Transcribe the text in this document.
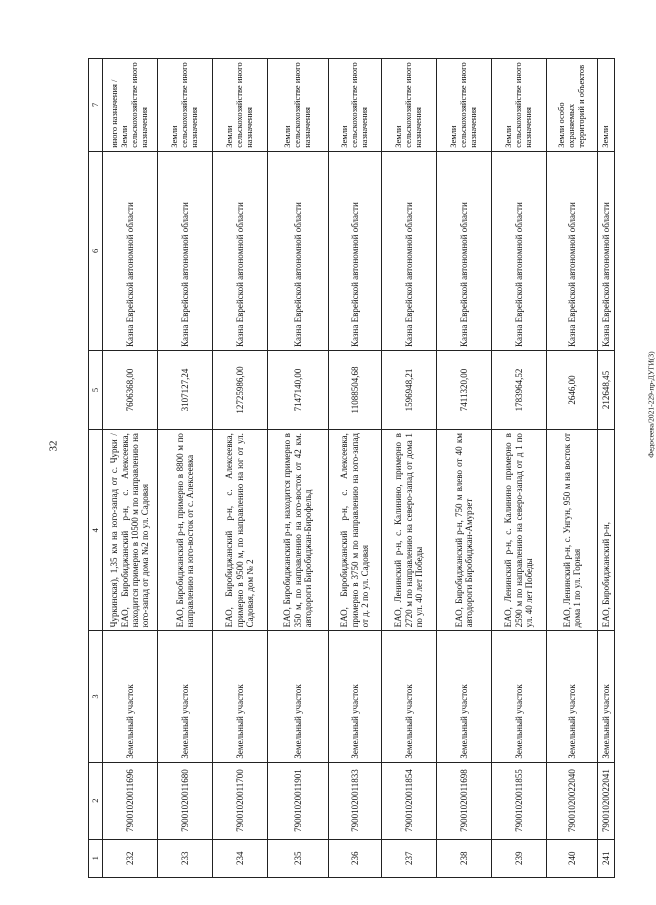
32	Федосеева/2021-229-пр-ДУГИ(3)
1	2	3	4	5	6	7
232	79001020011696	Земельный участок	Чуркинская), 1,35 км на юго-запад от с. Чурки / ЕАО, Биробиджанский р-н, с. Алексеевка, находится примерно в 10500 м по направлению на юго-запад от дома №2 по ул. Садовая	7606368,00	Казна Еврейской автономной области	иного назначения / Земли сельскохозяйстве иного назначения
233	79001020011680	Земельный участок	ЕАО, Биробиджанский р-н, примерно в 8800 м по направлению на юго-восток от с. Алексеевка	3107127,24	Казна Еврейской автономной области	Земли сельскохозяйстве иного назначения
234	79001020011700	Земельный участок	ЕАО, Биробиджанский р-н, с. Алексеевка, примерно в 9500 м, по направлению на юг от ул. Садовая, дом № 2	12725986,00	Казна Еврейской автономной области	Земли сельскохозяйстве иного назначения
235	79001020011901	Земельный участок	ЕАО, Биробиджанский р-н, находится примерно в 350 м, по направлению на юго-восток от 42 км. автодороги Биробиджан-Бирофельд	7147140,00	Казна Еврейской автономной области	Земли сельскохозяйстве иного назначения
236	79001020011833	Земельный участок	ЕАО, Биробиджанский р-н, с. Алексеевка, примерно в 3750 м по направлению на юго-запад от д. 2 по ул. Садовая	11088504,68	Казна Еврейской автономной области	Земли сельскохозяйстве иного назначения
237	79001020011854	Земельный участок	ЕАО, Ленинский р-н, с. Калинино, примерно в 2720 м по направлению на северо-запад от дома 1 по ул. 40 лет Победы	1596948,21	Казна Еврейской автономной области	Земли сельскохозяйстве иного назначения
238	79001020011698	Земельный участок	ЕАО, Биробиджанский р-н, 750 м влево от 40 км автодороги Биробиджан-Амурзет	7411320,00	Казна Еврейской автономной области	Земли сельскохозяйстве иного назначения
239	79001020011855	Земельный участок	ЕАО, Ленинский р-н, с. Калинино примерно в 2590 м по направлению на северо-запад от д 1 по ул. 40 лет Победы	1783964,52	Казна Еврейской автономной области	Земли сельскохозяйстве иного назначения
240	79001020022040	Земельный участок	ЕАО, Ленинский р-н, с. Унгун, 950 м на восток от дома 1 по ул. Горная	2646,00	Казна Еврейской автономной области	Земли особо охраняемых территорий и объектов
241	79001020022041	Земельный участок	ЕАО, Биробиджанский р-н,	212648,45	Казна Еврейской автономной области	Земли
